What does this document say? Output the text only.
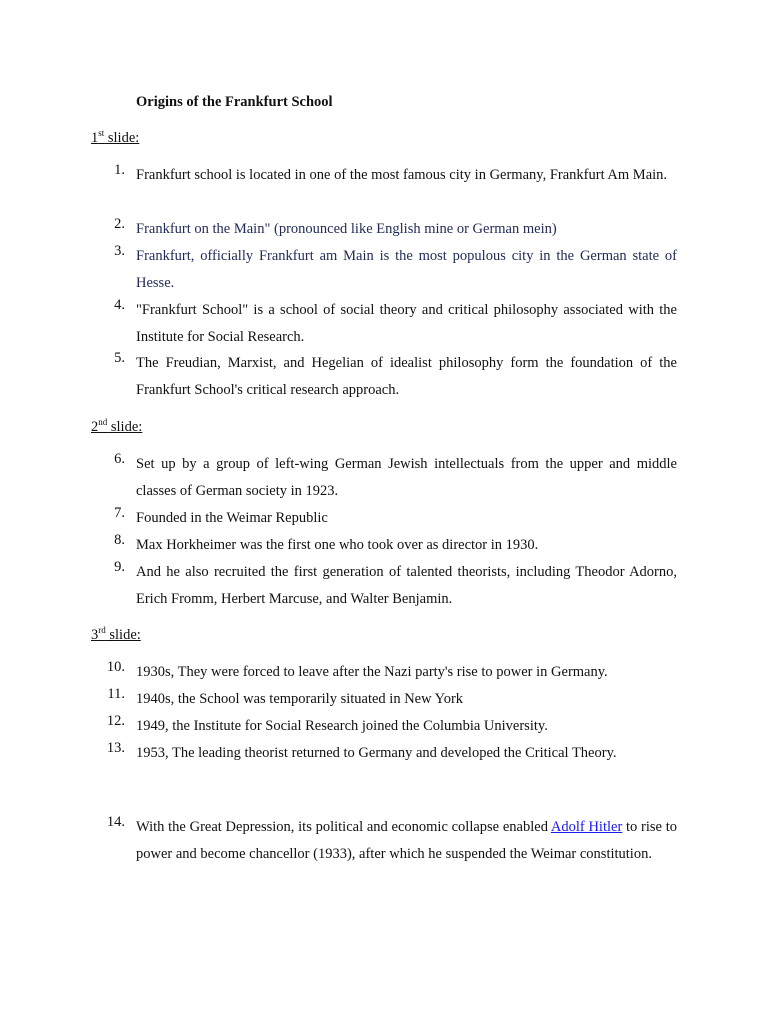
Origins of the Frankfurt School
1st slide:
1. Frankfurt school is located in one of the most famous city in Germany, Frankfurt Am Main.
2. Frankfurt on the Main" (pronounced like English mine or German mein)
3. Frankfurt, officially Frankfurt am Main is the most populous city in the German state of Hesse.
4. "Frankfurt School" is a school of social theory and critical philosophy associated with the Institute for Social Research.
5. The Freudian, Marxist, and Hegelian of idealist philosophy form the foundation of the Frankfurt School's critical research approach.
2nd slide:
6. Set up by a group of left-wing German Jewish intellectuals from the upper and middle classes of German society in 1923.
7. Founded in the Weimar Republic
8. Max Horkheimer was the first one who took over as director in 1930.
9. And he also recruited the first generation of talented theorists, including Theodor Adorno, Erich Fromm, Herbert Marcuse, and Walter Benjamin.
3rd slide:
10. 1930s, They were forced to leave after the Nazi party's rise to power in Germany.
11. 1940s, the School was temporarily situated in New York
12. 1949, the Institute for Social Research joined the Columbia University.
13. 1953, The leading theorist returned to Germany and developed the Critical Theory.
14. With the Great Depression, its political and economic collapse enabled Adolf Hitler to rise to power and become chancellor (1933), after which he suspended the Weimar constitution.
